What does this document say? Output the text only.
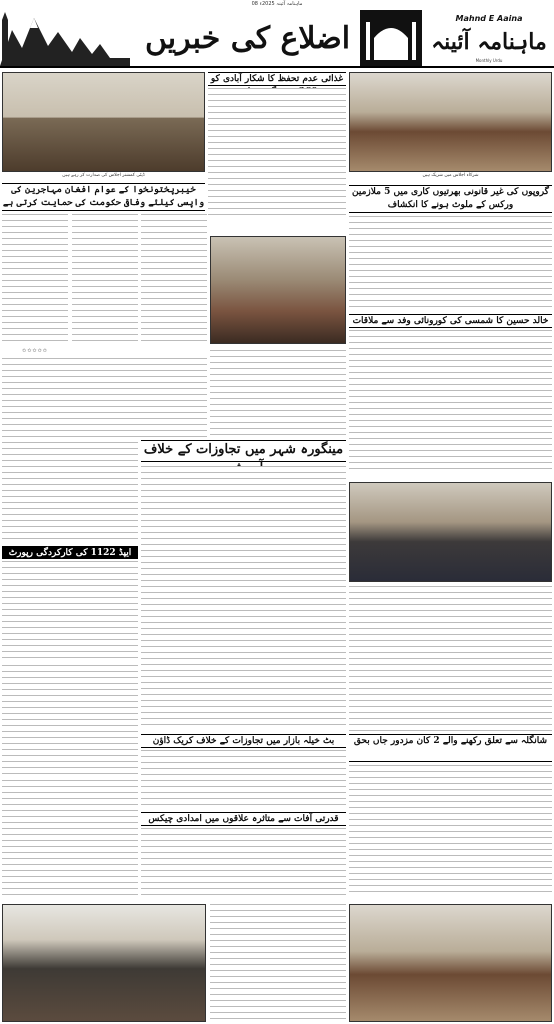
ماہنامہ آئینہ 2025ء 08
اضلاع کی خبریں
Mahnd E Aaina
ماہنامہ آئینہ
Monthly Urdu
ڈپٹی کمشنر اجلاس کی صدارت کر رہے ہیں
غذائی عدم تحفظ کا شکار آبادی کو
شرکاء اجلاس میں شریک ہیں
گروپوں کی غیر قانونی بھرتیوں کاری میں 5 ملازمین ورکس کے ملوث ہونے کا انکشاف
خیبرپختونخوا کے عوام افغان مہاجرین کی واپسی کیلئے وفاقی حکومت کی حمایت کرتی ہے
✩✩✩✩✩
خالد حسین کا شمسی کی کورونائی وفد سے ملاقات
مینگورہ شہر میں تجاوزات کے خلاف
ایپڈ 1122 کی کارکردگی رپورٹ
شانگلہ سے تعلق رکھنے والے 2 کان مزدور جاں بحق
بٹ خیلہ بازار میں تجاوزات کے خلاف کریک ڈاؤن
قدرتی آفات سے متاثرہ علاقوں میں امدادی چیکس
